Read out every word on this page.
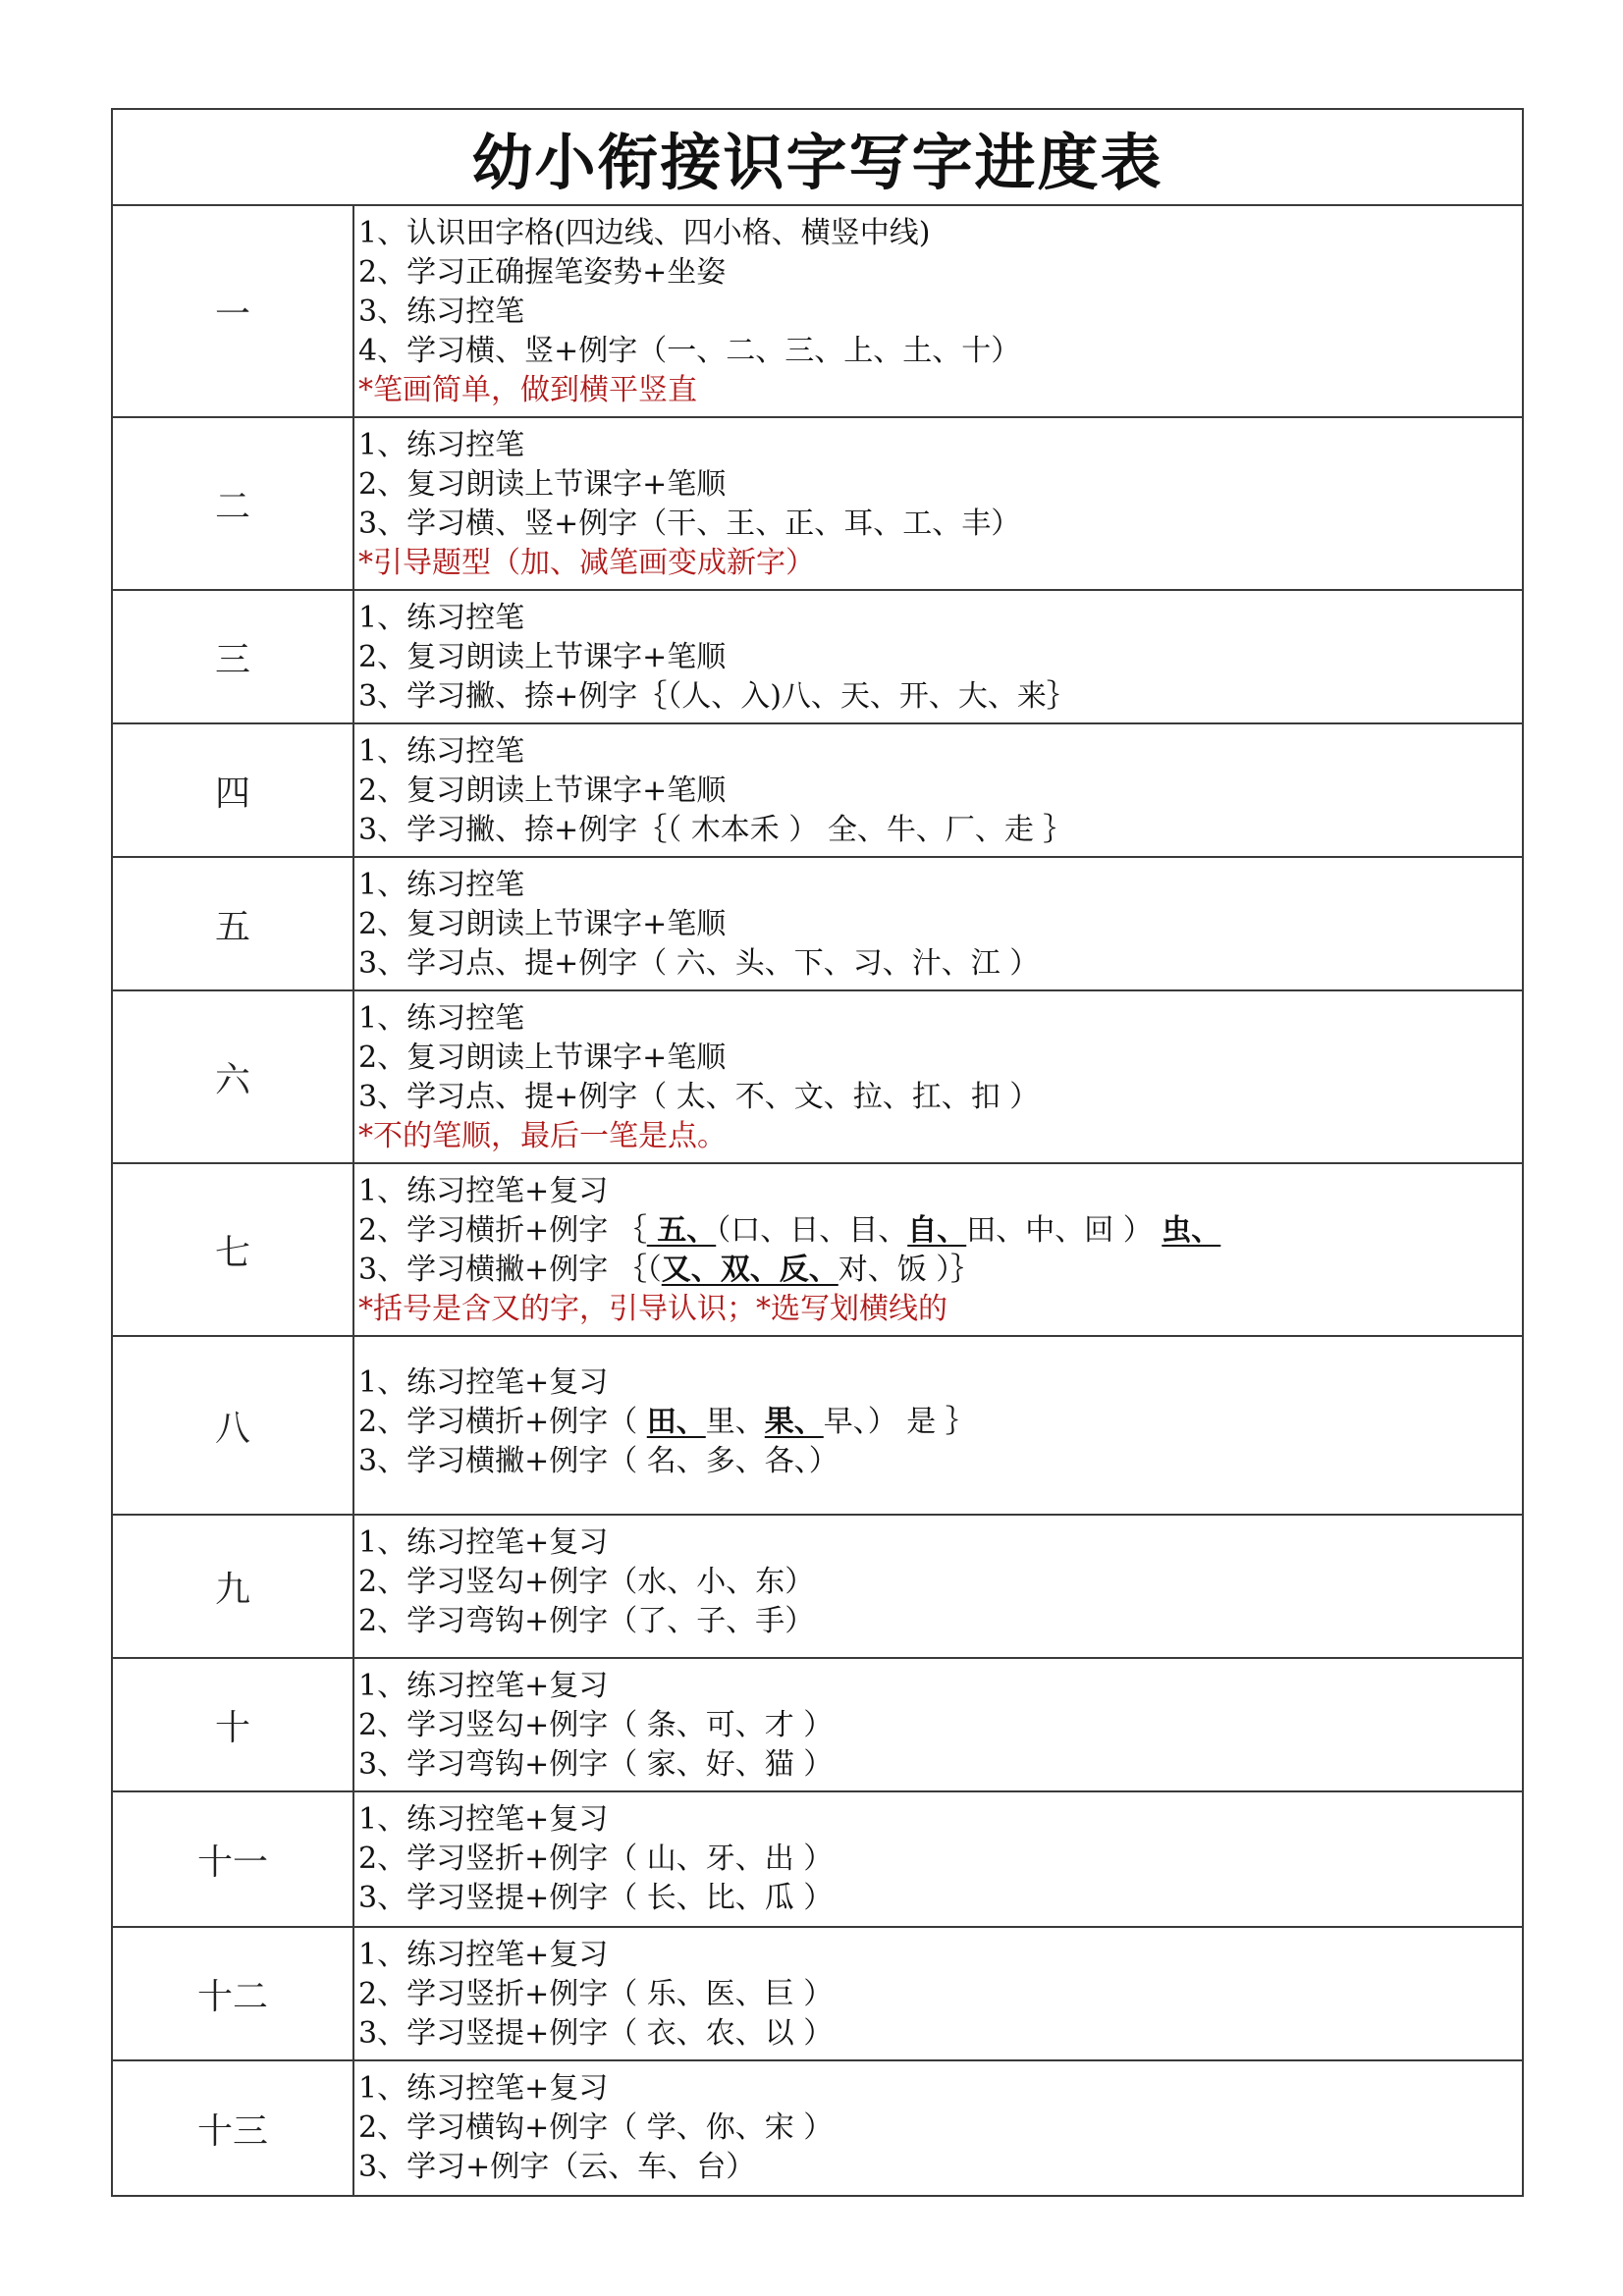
幼小衔接识字写字进度表	
一	1、认识田字格(四边线、四小格、横竖中线)
2、学习正确握笔姿势+坐姿
3、练习控笔
4、学习横、竖+例字（一、二、三、上、土、十）
*笔画简单，做到横平竖直

二	1、练习控笔
2、复习朗读上节课字+笔顺
3、学习横、竖+例字（干、王、正、耳、工、丰）
*引导题型（加、减笔画变成新字）

三	1、练习控笔
2、复习朗读上节课字+笔顺
3、学习撇、捺+例字｛（人、入)八、天、开、大、来｝

四	1、练习控笔
2、复习朗读上节课字+笔顺
3、学习撇、捺+例字｛（ 木本禾 ） 全、牛、厂、走 ｝

五	1、练习控笔
2、复习朗读上节课字+笔顺
3、学习点、提+例字（ 六、头、下、习、汁、江 ）

六	1、练习控笔
2、复习朗读上节课字+笔顺
3、学习点、提+例字（ 太、不、文、拉、扛、扣 ）
*不的笔顺，最后一笔是点。

七	1、练习控笔+复习
2、学习横折+例字 ｛ 五、（口、日、目、自、田、中、回 ） 虫、
3、学习横撇+例字 ｛（又、双、反、对、饭 ）｝
*括号是含又的字，引导认识；*选写划横线的

八	1、练习控笔+复习
2、学习横折+例字（ 田、里、果、早、） 是 ｝
3、学习横撇+例字（ 名、多、各、）

九	1、练习控笔+复习
2、学习竖勾+例字（水、小、东）
2、学习弯钩+例字（了、子、手）

十	1、练习控笔+复习
2、学习竖勾+例字（ 条、可、才 ）
3、学习弯钩+例字（ 家、好、猫 ）

十一	1、练习控笔+复习
2、学习竖折+例字（ 山、牙、出 ）
3、学习竖提+例字（ 长、比、瓜 ）

十二	1、练习控笔+复习
2、学习竖折+例字（ 乐、医、巨 ）
3、学习竖提+例字（ 衣、农、以 ）

十三	1、练习控笔+复习
2、学习横钩+例字（ 学、你、宋 ）
3、学习+例字（云、车、台）
